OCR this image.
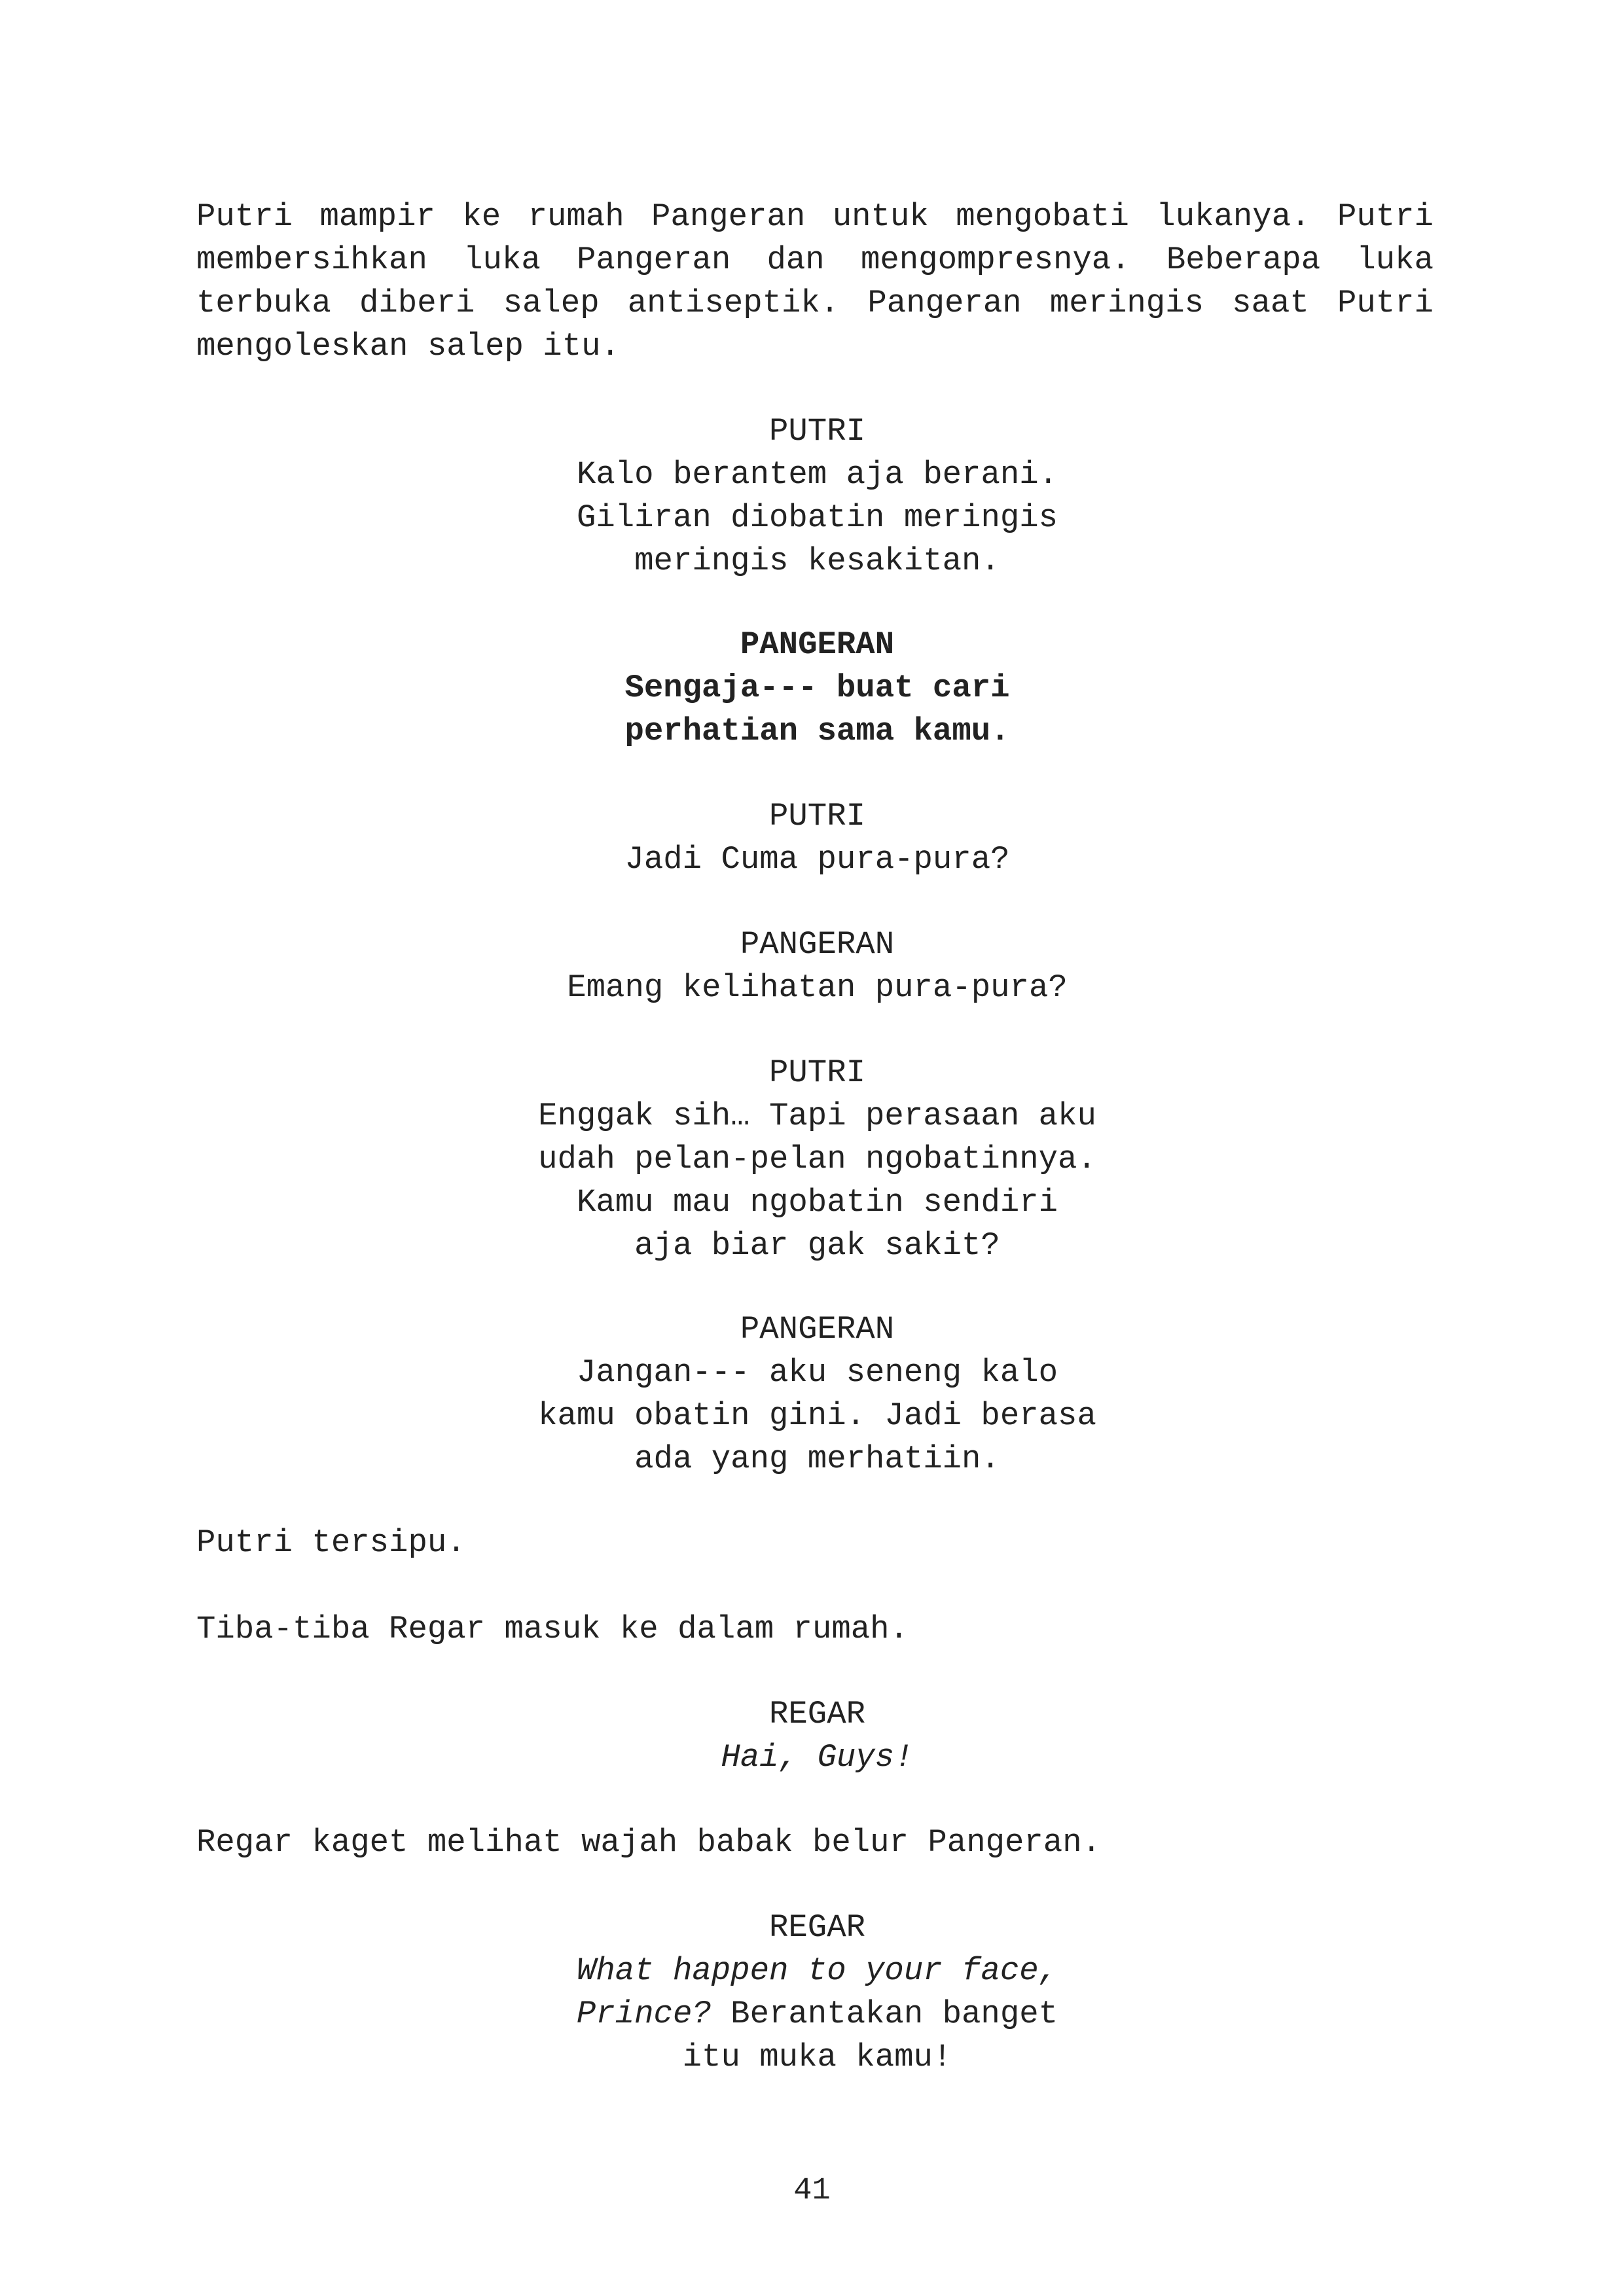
Putri mampir ke rumah Pangeran untuk mengobati lukanya. Putri
membersihkan luka Pangeran dan mengompresnya. Beberapa luka
terbuka diberi salep antiseptik. Pangeran meringis saat Putri
mengoleskan salep itu.
PUTRI
Kalo berantem aja berani.
Giliran diobatin meringis
meringis kesakitan.
PANGERAN
Sengaja--- buat cari
perhatian sama kamu.
PUTRI
Jadi Cuma pura-pura?
PANGERAN
Emang kelihatan pura-pura?
PUTRI
Enggak sih… Tapi perasaan aku
udah pelan-pelan ngobatinnya.
Kamu mau ngobatin sendiri
aja biar gak sakit?
PANGERAN
Jangan--- aku seneng kalo
kamu obatin gini. Jadi berasa
ada yang merhatiin.

Putri tersipu.

Tiba-tiba Regar masuk ke dalam rumah.

REGAR
Hai, Guys!

Regar kaget melihat wajah babak belur Pangeran.

REGAR
What happen to your face,
Prince? Berantakan banget
itu muka kamu!
41
